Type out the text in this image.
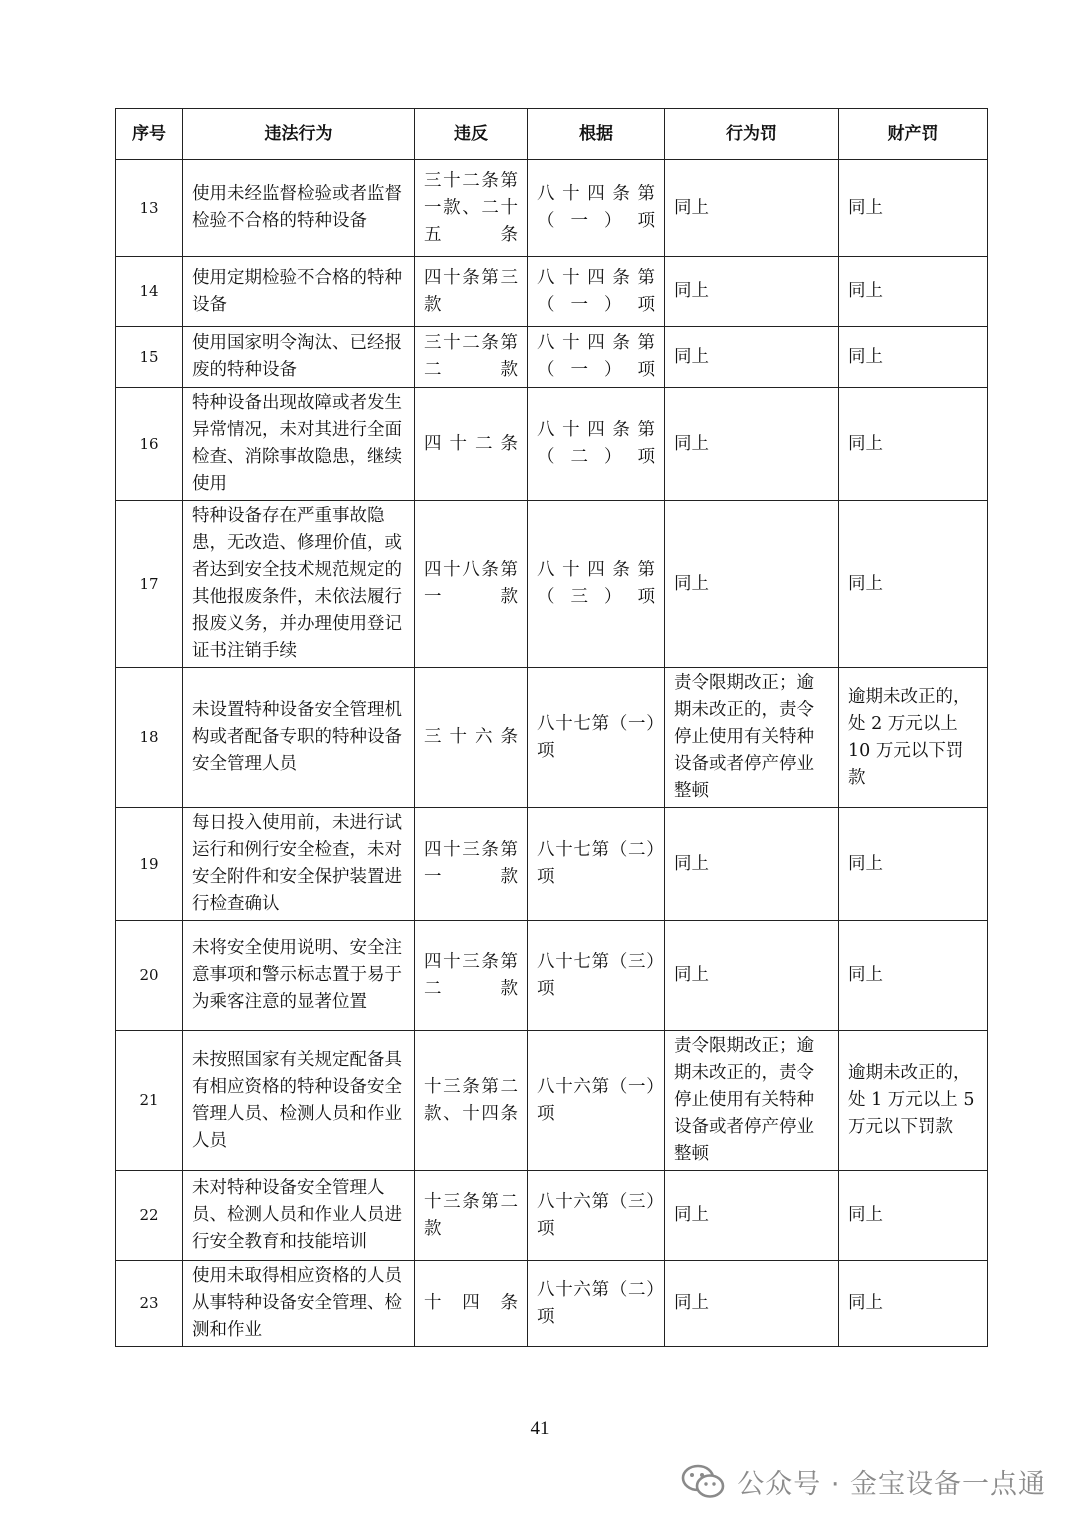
序号	违法行为	违反	根据	行为罚	财产罚
13	使用未经监督检验或者监督检验不合格的特种设备	三十二条第一款、二十五条	八十四条第（一）项	同上	同上
14	使用定期检验不合格的特种设备	四十条第三款	八十四条第（一）项	同上	同上
15	使用国家明令淘汰、已经报废的特种设备	三十二条第二款	八十四条第（一）项	同上	同上
16	特种设备出现故障或者发生异常情况，未对其进行全面检查、消除事故隐患，继续使用	四十二条	八十四条第（二）项	同上	同上
17	特种设备存在严重事故隐患，无改造、修理价值，或者达到安全技术规范规定的其他报废条件，未依法履行报废义务，并办理使用登记证书注销手续	四十八条第一款	八十四条第（三）项	同上	同上
18	未设置特种设备安全管理机构或者配备专职的特种设备安全管理人员	三十六条	八十七第（一）项	责令限期改正；逾期未改正的，责令停止使用有关特种设备或者停产停业整顿	逾期未改正的，处 2 万元以上 10 万元以下罚款
19	每日投入使用前，未进行试运行和例行安全检查，未对安全附件和安全保护装置进行检查确认	四十三条第一款	八十七第（二）项	同上	同上
20	未将安全使用说明、安全注意事项和警示标志置于易于为乘客注意的显著位置	四十三条第二款	八十七第（三）项	同上	同上
21	未按照国家有关规定配备具有相应资格的特种设备安全管理人员、检测人员和作业人员	十三条第二款、十四条	八十六第（一）项	责令限期改正；逾期未改正的，责令停止使用有关特种设备或者停产停业整顿	逾期未改正的，处 1 万元以上 5 万元以下罚款
22	未对特种设备安全管理人员、检测人员和作业人员进行安全教育和技能培训	十三条第二款	八十六第（三）项	同上	同上
23	使用未取得相应资格的人员从事特种设备安全管理、检测和作业	十四条	八十六第（二）项	同上	同上
41
公众号 · 金宝设备一点通
